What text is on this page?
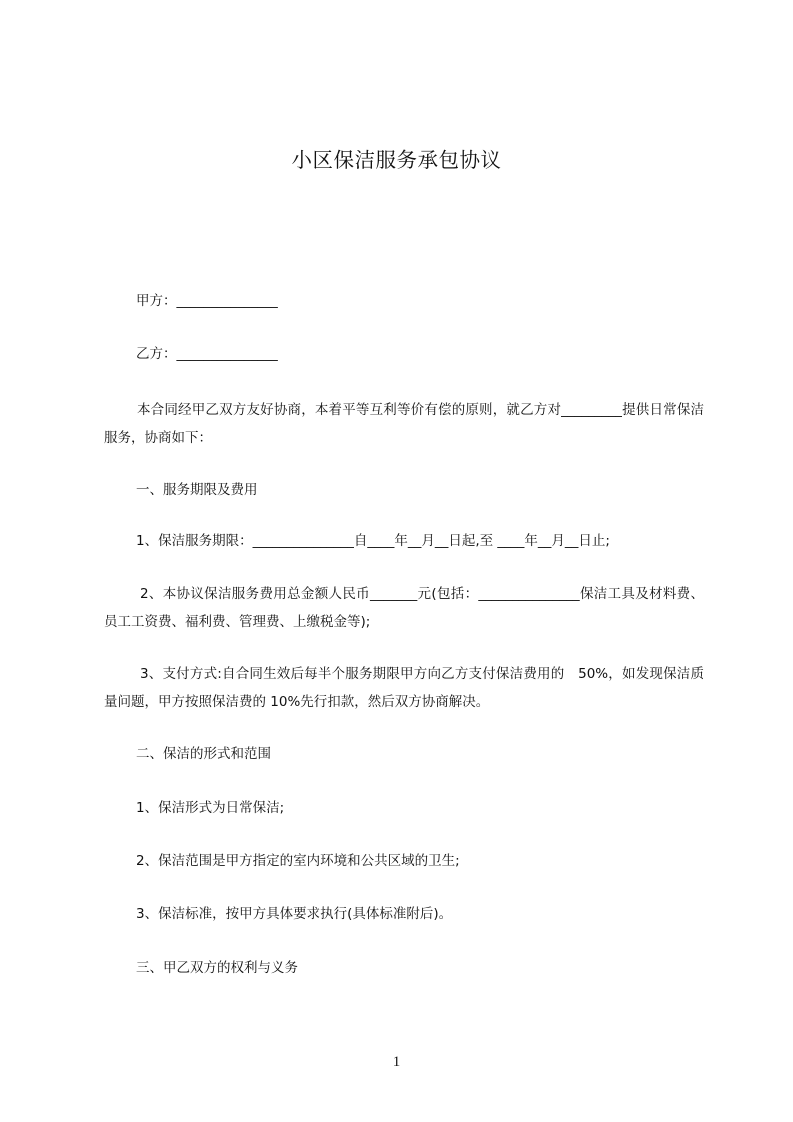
小区保洁服务承包协议
甲方：_______________
乙方：_______________
本合同经甲乙双方友好协商，本着平等互利等价有偿的原则，就乙方对_________提供日常保洁服务，协商如下：
一、服务期限及费用
1、保洁服务期限：_______________自____年__月__日起,至 ____年__月__日止;
2、本协议保洁服务费用总金额人民币_______元(包括：_______________保洁工具及材料费、员工工资费、福利费、管理费、上缴税金等);
3、支付方式:自合同生效后每半个服务期限甲方向乙方支付保洁费用的　50%，如发现保洁质量问题，甲方按照保洁费的 10%先行扣款，然后双方协商解决。
二、保洁的形式和范围
1、保洁形式为日常保洁;
2、保洁范围是甲方指定的室内环境和公共区域的卫生;
3、保洁标准，按甲方具体要求执行(具体标准附后)。
三、甲乙双方的权利与义务
1
